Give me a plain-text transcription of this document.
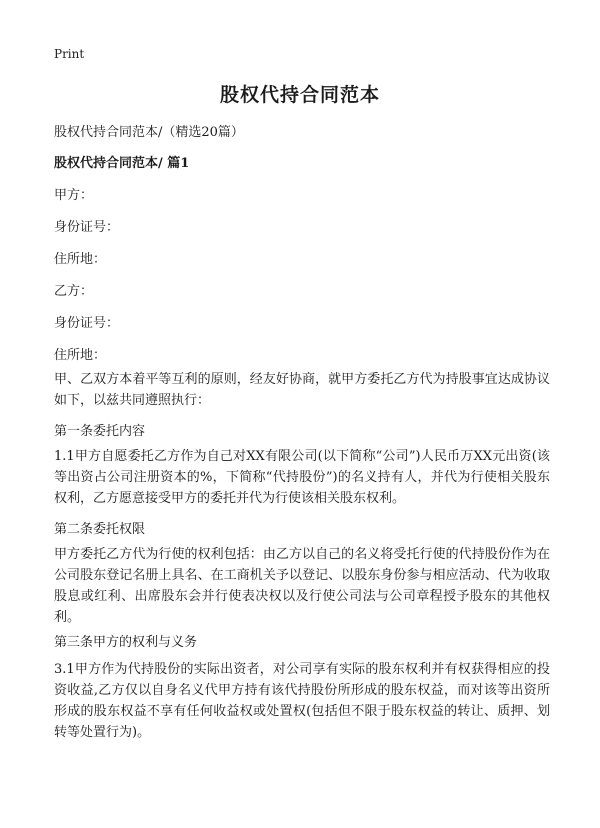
Print
股权代持合同范本
股权代持合同范本/（精选20篇）
股权代持合同范本/ 篇1
甲方：
身份证号：
住所地：
乙方：
身份证号：
住所地：
甲、乙双方本着平等互利的原则，经友好协商，就甲方委托乙方代为持股事宜达成协议如下，以兹共同遵照执行：
第一条委托内容
1.1甲方自愿委托乙方作为自己对XX有限公司(以下简称“公司”)人民币万XX元出资(该等出资占公司注册资本的%，下简称“代持股份”)的名义持有人，并代为行使相关股东权利，乙方愿意接受甲方的委托并代为行使该相关股东权利。
第二条委托权限
甲方委托乙方代为行使的权利包括：由乙方以自己的名义将受托行使的代持股份作为在公司股东登记名册上具名、在工商机关予以登记、以股东身份参与相应活动、代为收取股息或红利、出席股东会并行使表决权以及行使公司法与公司章程授予股东的其他权利。
第三条甲方的权利与义务
3.1甲方作为代持股份的实际出资者，对公司享有实际的股东权利并有权获得相应的投资收益,乙方仅以自身名义代甲方持有该代持股份所形成的股东权益，而对该等出资所形成的股东权益不享有任何收益权或处置权(包括但不限于股东权益的转让、质押、划转等处置行为)。
